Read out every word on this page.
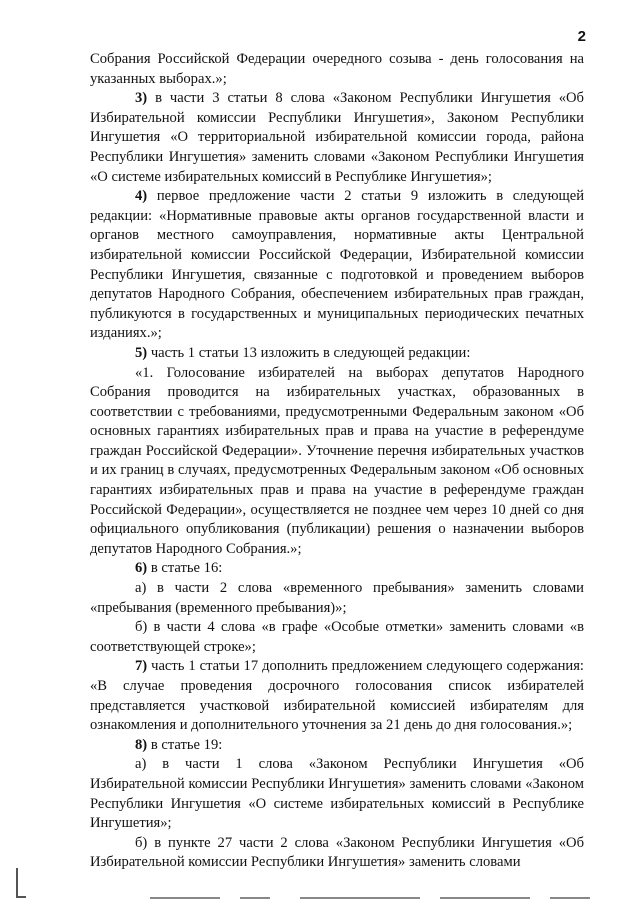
2

Собрания Российской Федерации очередного созыва - день голосования на указанных выборах.»;

3) в части 3 статьи 8 слова «Законом Республики Ингушетия «Об Избирательной комиссии Республики Ингушетия», Законом Республики Ингушетия «О территориальной избирательной комиссии города, района Республики Ингушетия» заменить словами «Законом Республики Ингушетия «О системе избирательных комиссий в Республике Ингушетия»;

4) первое предложение части 2 статьи 9 изложить в следующей редакции: «Нормативные правовые акты органов государственной власти и органов местного самоуправления, нормативные акты Центральной избирательной комиссии Российской Федерации, Избирательной комиссии Республики Ингушетия, связанные с подготовкой и проведением выборов депутатов Народного Собрания, обеспечением избирательных прав граждан, публикуются в государственных и муниципальных периодических печатных изданиях.»;

5) часть 1 статьи 13 изложить в следующей редакции:

«1. Голосование избирателей на выборах депутатов Народного Собрания проводится на избирательных участках, образованных в соответствии с требованиями, предусмотренными Федеральным законом «Об основных гарантиях избирательных прав и права на участие в референдуме граждан Российской Федерации». Уточнение перечня избирательных участков и их границ в случаях, предусмотренных Федеральным законом «Об основных гарантиях избирательных прав и права на участие в референдуме граждан Российской Федерации», осуществляется не позднее чем через 10 дней со дня официального опубликования (публикации) решения о назначении выборов депутатов Народного Собрания.»;

6) в статье 16:

а) в части 2 слова «временного пребывания» заменить словами «пребывания (временного пребывания)»;

б) в части 4 слова «в графе «Особые отметки» заменить словами «в соответствующей строке»;

7) часть 1 статьи 17 дополнить предложением следующего содержания: «В случае проведения досрочного голосования список избирателей представляется участковой избирательной комиссией избирателям для ознакомления и дополнительного уточнения за 21 день до дня голосования.»;

8) в статье 19:

а) в части 1 слова «Законом Республики Ингушетия «Об Избирательной комиссии Республики Ингушетия» заменить словами «Законом Республики Ингушетия «О системе избирательных комиссий в Республике Ингушетия»;

б) в пункте 27 части 2 слова «Законом Республики Ингушетия «Об Избирательной комиссии Республики Ингушетия» заменить словами
